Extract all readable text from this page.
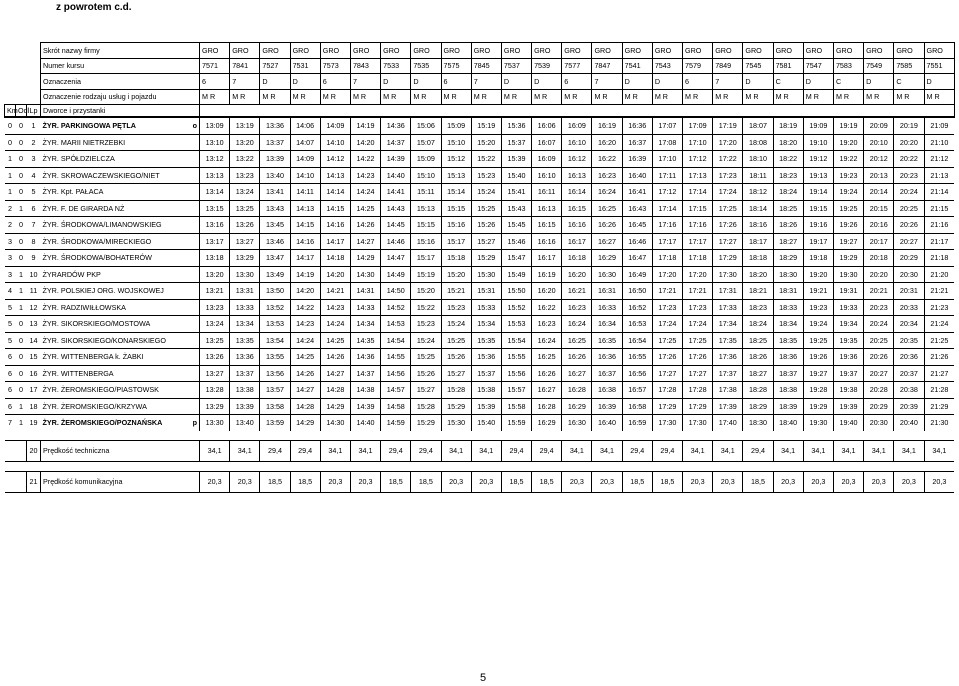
z powrotem c.d.
			Skrót nazwy firmy		GRO	GRO	GRO	GRO	GRO	GRO	GRO	GRO	GRO	GRO	GRO	GRO	GRO	GRO	GRO	GRO	GRO	GRO	GRO	GRO	GRO	GRO	GRO	GRO	GRO
			Numer kursu		7571	7841	7527	7531	7573	7843	7533	7535	7575	7845	7537	7539	7577	7847	7541	7543	7579	7849	7545	7581	7547	7583	7549	7585	7551
			Oznaczenia		6	7	D	D	6	7	D	D	6	7	D	D	6	7	D	D	6	7	D	C	D	C	D	C	D
			Oznaczenie rodzaju usług i pojazdu		M R	M R	M R	M R	M R	M R	M R	M R	M R	M R	M R	M R	M R	M R	M R	M R	M R	M R	M R	M R	M R	M R	M R	M R	M R
Km	Odl	Lp	Dworce i przystanki																										
0	0	1	ŻYR. PARKINGOWA PĘTLA	o	13:09	13:19	13:36	14:06	14:09	14:19	14:36	15:06	15:09	15:19	15:36	16:06	16:09	16:19	16:36	17:07	17:09	17:19	18:07	18:19	19:09	19:19	20:09	20:19	21:09
0	0	2	ŻYR. MARII NIETRZEBKI		13:10	13:20	13:37	14:07	14:10	14:20	14:37	15:07	15:10	15:20	15:37	16:07	16:10	16:20	16:37	17:08	17:10	17:20	18:08	18:20	19:10	19:20	20:10	20:20	21:10
1	0	3	ŻYR. SPÓŁDZIELCZA		13:12	13:22	13:39	14:09	14:12	14:22	14:39	15:09	15:12	15:22	15:39	16:09	16:12	16:22	16:39	17:10	17:12	17:22	18:10	18:22	19:12	19:22	20:12	20:22	21:12
1	0	4	ŻYR. SKROWACZEWSKIEGO/NIET		13:13	13:23	13:40	14:10	14:13	14:23	14:40	15:10	15:13	15:23	15:40	16:10	16:13	16:23	16:40	17:11	17:13	17:23	18:11	18:23	19:13	19:23	20:13	20:23	21:13
1	0	5	ŻYR. Kpt. PAŁACA		13:14	13:24	13:41	14:11	14:14	14:24	14:41	15:11	15:14	15:24	15:41	16:11	16:14	16:24	16:41	17:12	17:14	17:24	18:12	18:24	19:14	19:24	20:14	20:24	21:14
2	1	6	ŻYR. F. DE GIRARDA NŻ		13:15	13:25	13:43	14:13	14:15	14:25	14:43	15:13	15:15	15:25	15:43	16:13	16:15	16:25	16:43	17:14	17:15	17:25	18:14	18:25	19:15	19:25	20:15	20:25	21:15
2	0	7	ŻYR. ŚRODKOWA/LIMANOWSKIEG		13:16	13:26	13:45	14:15	14:16	14:26	14:45	15:15	15:16	15:26	15:45	16:15	16:16	16:26	16:45	17:16	17:16	17:26	18:16	18:26	19:16	19:26	20:16	20:26	21:16
3	0	8	ŻYR. ŚRODKOWA/MIRECKIEGO		13:17	13:27	13:46	14:16	14:17	14:27	14:46	15:16	15:17	15:27	15:46	16:16	16:17	16:27	16:46	17:17	17:17	17:27	18:17	18:27	19:17	19:27	20:17	20:27	21:17
3	0	9	ŻYR. ŚRODKOWA/BOHATERÓW		13:18	13:29	13:47	14:17	14:18	14:29	14:47	15:17	15:18	15:29	15:47	16:17	16:18	16:29	16:47	17:18	17:18	17:29	18:18	18:29	19:18	19:29	20:18	20:29	21:18
3	1	10	ŻYRARDÓW PKP		13:20	13:30	13:49	14:19	14:20	14:30	14:49	15:19	15:20	15:30	15:49	16:19	16:20	16:30	16:49	17:20	17:20	17:30	18:20	18:30	19:20	19:30	20:20	20:30	21:20
4	1	11	ŻYR. POLSKIEJ ORG. WOJSKOWEJ		13:21	13:31	13:50	14:20	14:21	14:31	14:50	15:20	15:21	15:31	15:50	16:20	16:21	16:31	16:50	17:21	17:21	17:31	18:21	18:31	19:21	19:31	20:21	20:31	21:21
5	1	12	ŻYR. RADZIWIŁŁOWSKA		13:23	13:33	13:52	14:22	14:23	14:33	14:52	15:22	15:23	15:33	15:52	16:22	16:23	16:33	16:52	17:23	17:23	17:33	18:23	18:33	19:23	19:33	20:23	20:33	21:23
5	0	13	ŻYR. SIKORSKIEGO/MOSTOWA		13:24	13:34	13:53	14:23	14:24	14:34	14:53	15:23	15:24	15:34	15:53	16:23	16:24	16:34	16:53	17:24	17:24	17:34	18:24	18:34	19:24	19:34	20:24	20:34	21:24
5	0	14	ŻYR. SIKORSKIEGO/KONARSKIEGO		13:25	13:35	13:54	14:24	14:25	14:35	14:54	15:24	15:25	15:35	15:54	16:24	16:25	16:35	16:54	17:25	17:25	17:35	18:25	18:35	19:25	19:35	20:25	20:35	21:25
6	0	15	ŻYR. WITTENBERGA k. ŻABKI		13:26	13:36	13:55	14:25	14:26	14:36	14:55	15:25	15:26	15:36	15:55	16:25	16:26	16:36	16:55	17:26	17:26	17:36	18:26	18:36	19:26	19:36	20:26	20:36	21:26
6	0	16	ŻYR. WITTENBERGA		13:27	13:37	13:56	14:26	14:27	14:37	14:56	15:26	15:27	15:37	15:56	16:26	16:27	16:37	16:56	17:27	17:27	17:37	18:27	18:37	19:27	19:37	20:27	20:37	21:27
6	0	17	ŻYR. ŻEROMSKIEGO/PIASTOWSK		13:28	13:38	13:57	14:27	14:28	14:38	14:57	15:27	15:28	15:38	15:57	16:27	16:28	16:38	16:57	17:28	17:28	17:38	18:28	18:38	19:28	19:38	20:28	20:38	21:28
6	1	18	ŻYR. ŻEROMSKIEGO/KRZYWA		13:29	13:39	13:58	14:28	14:29	14:39	14:58	15:28	15:29	15:39	15:58	16:28	16:29	16:39	16:58	17:29	17:29	17:39	18:29	18:39	19:29	19:39	20:29	20:39	21:29
7	1	19	ŻYR. ŻEROMSKIEGO/POZNAŃSKA	p	13:30	13:40	13:59	14:29	14:30	14:40	14:59	15:29	15:30	15:40	15:59	16:29	16:30	16:40	16:59	17:30	17:30	17:40	18:30	18:40	19:30	19:40	20:30	20:40	21:30

		20	Prędkość techniczna		34,1	34,1	29,4	29,4	34,1	34,1	29,4	29,4	34,1	34,1	29,4	29,4	34,1	34,1	29,4	29,4	34,1	34,1	29,4	34,1	34,1	34,1	34,1	34,1	34,1

		21	Prędkość komunikacyjna		20,3	20,3	18,5	18,5	20,3	20,3	18,5	18,5	20,3	20,3	18,5	18,5	20,3	20,3	18,5	18,5	20,3	20,3	18,5	20,3	20,3	20,3	20,3	20,3	20,3
5
